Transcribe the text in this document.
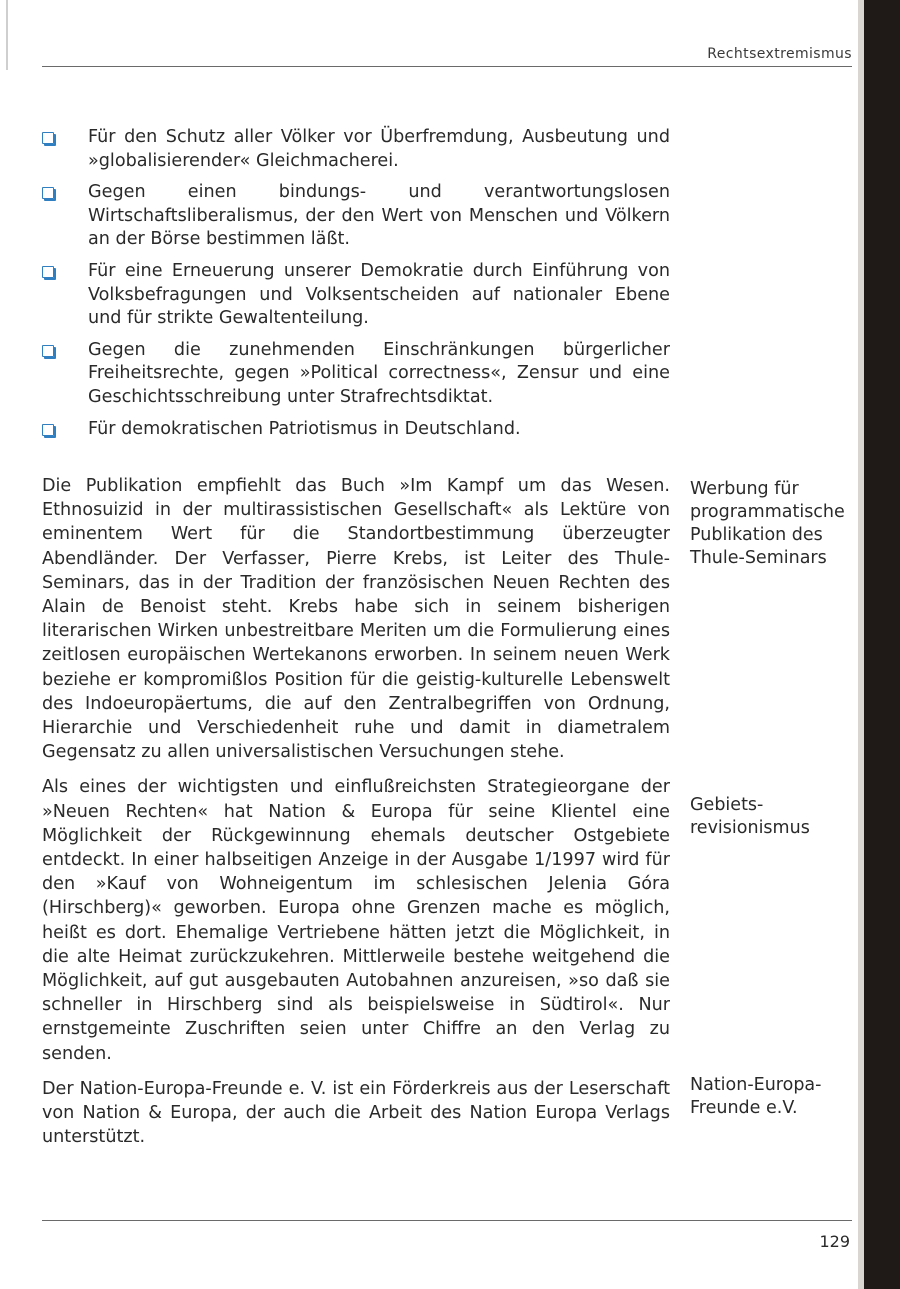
Rechtsextremismus
Für den Schutz aller Völker vor Überfremdung, Ausbeutung und »globalisierender« Gleichmacherei.
Gegen einen bindungs- und verantwortungslosen Wirtschaftsliberalismus, der den Wert von Menschen und Völkern an der Börse bestimmen läßt.
Für eine Erneuerung unserer Demokratie durch Einführung von Volksbefragungen und Volksentscheiden auf nationaler Ebene und für strikte Gewaltenteilung.
Gegen die zunehmenden Einschränkungen bürgerlicher Freiheitsrechte, gegen »Political correctness«, Zensur und eine Geschichtsschreibung unter Strafrechtsdiktat.
Für demokratischen Patriotismus in Deutschland.

Die Publikation empfiehlt das Buch »Im Kampf um das Wesen. Ethnosuizid in der multirassistischen Gesellschaft« als Lektüre von eminentem Wert für die Standortbestimmung überzeugter Abendländer. Der Verfasser, Pierre Krebs, ist Leiter des Thule-Seminars, das in der Tradition der französischen Neuen Rechten des Alain de Benoist steht. Krebs habe sich in seinem bisherigen literarischen Wirken unbestreitbare Meriten um die Formulierung eines zeitlosen europäischen Wertekanons erworben. In seinem neuen Werk beziehe er kompromißlos Position für die geistig-kulturelle Lebenswelt des Indoeuropäertums, die auf den Zentralbegriffen von Ordnung, Hierarchie und Verschiedenheit ruhe und damit in diametralem Gegensatz zu allen universalistischen Versuchungen stehe.

Als eines der wichtigsten und einflußreichsten Strategieorgane der »Neuen Rechten« hat Nation & Europa für seine Klientel eine Möglichkeit der Rückgewinnung ehemals deutscher Ostgebiete entdeckt. In einer halbseitigen Anzeige in der Ausgabe 1/1997 wird für den »Kauf von Wohneigentum im schlesischen Jelenia Góra (Hirschberg)« geworben. Europa ohne Grenzen mache es möglich, heißt es dort. Ehemalige Vertriebene hätten jetzt die Möglichkeit, in die alte Heimat zurückzukehren. Mittlerweile bestehe weitgehend die Möglichkeit, auf gut ausgebauten Autobahnen anzureisen, »so daß sie schneller in Hirschberg sind als beispielsweise in Südtirol«. Nur ernstgemeinte Zuschriften seien unter Chiffre an den Verlag zu senden.

Der Nation-Europa-Freunde e. V. ist ein Förderkreis aus der Leserschaft von Nation & Europa, der auch die Arbeit des Nation Europa Verlags unterstützt.

Werbung für
programmatische
Publikation des
Thule-Seminars

Gebiets-
revisionismus

Nation-Europa-
Freunde e.V.

129
